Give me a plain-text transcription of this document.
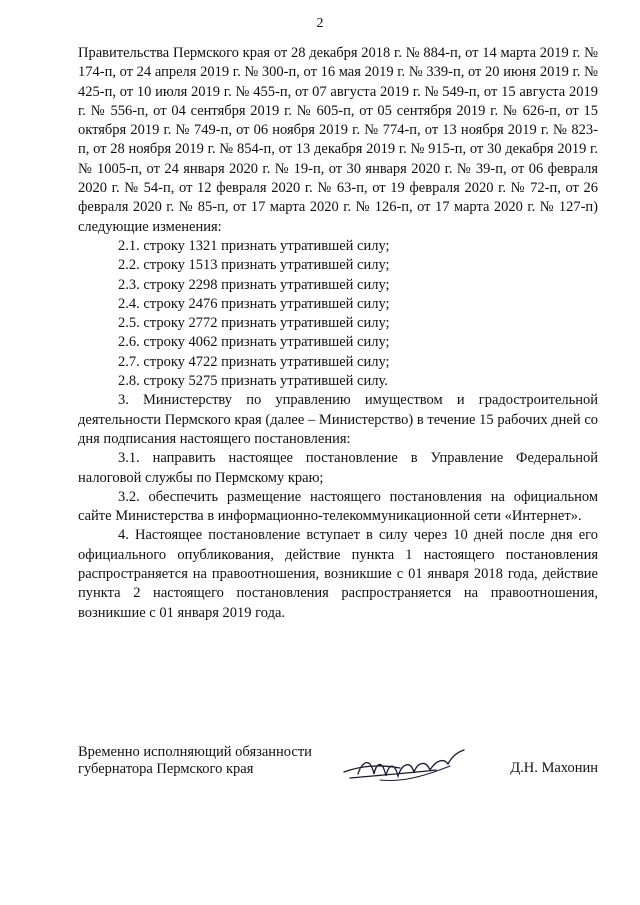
2

Правительства Пермского края от 28 декабря 2018 г. № 884-п, от 14 марта 2019 г. № 174-п, от 24 апреля 2019 г. № 300-п, от 16 мая 2019 г. № 339-п, от 20 июня 2019 г. № 425-п, от 10 июля 2019 г. № 455-п, от 07 августа 2019 г. № 549-п, от 15 августа 2019 г. № 556-п, от 04 сентября 2019 г. № 605-п, от 05 сентября 2019 г. № 626-п, от 15 октября 2019 г. № 749-п, от 06 ноября 2019 г. № 774-п, от 13 ноября 2019 г. № 823-п, от 28 ноября 2019 г. № 854-п, от 13 декабря 2019 г. № 915-п, от 30 декабря 2019 г. № 1005-п, от 24 января 2020 г. № 19-п, от 30 января 2020 г. № 39-п, от 06 февраля 2020 г. № 54-п, от 12 февраля 2020 г. № 63-п, от 19 февраля 2020 г. № 72-п, от 26 февраля 2020 г. № 85-п, от 17 марта 2020 г. № 126-п, от 17 марта 2020 г. № 127-п) следующие изменения:

2.1. строку 1321 признать утратившей силу;

2.2. строку 1513 признать утратившей силу;

2.3. строку 2298 признать утратившей силу;

2.4. строку 2476 признать утратившей силу;

2.5. строку 2772 признать утратившей силу;

2.6. строку 4062 признать утратившей силу;

2.7. строку 4722 признать утратившей силу;

2.8. строку 5275 признать утратившей силу.

3. Министерству по управлению имуществом и градостроительной деятельности Пермского края (далее – Министерство) в течение 15 рабочих дней со дня подписания настоящего постановления:

3.1. направить настоящее постановление в Управление Федеральной налоговой службы по Пермскому краю;

3.2. обеспечить размещение настоящего постановления на официальном сайте Министерства в информационно-телекоммуникационной сети «Интернет».

4. Настоящее постановление вступает в силу через 10 дней после дня его официального опубликования, действие пункта 1 настоящего постановления распространяется на правоотношения, возникшие с 01 января 2018 года, действие пункта 2 настоящего постановления распространяется на правоотношения, возникшие с 01 января 2019 года.

Временно исполняющий обязанности губернатора Пермского края	Д.Н. Махонин
